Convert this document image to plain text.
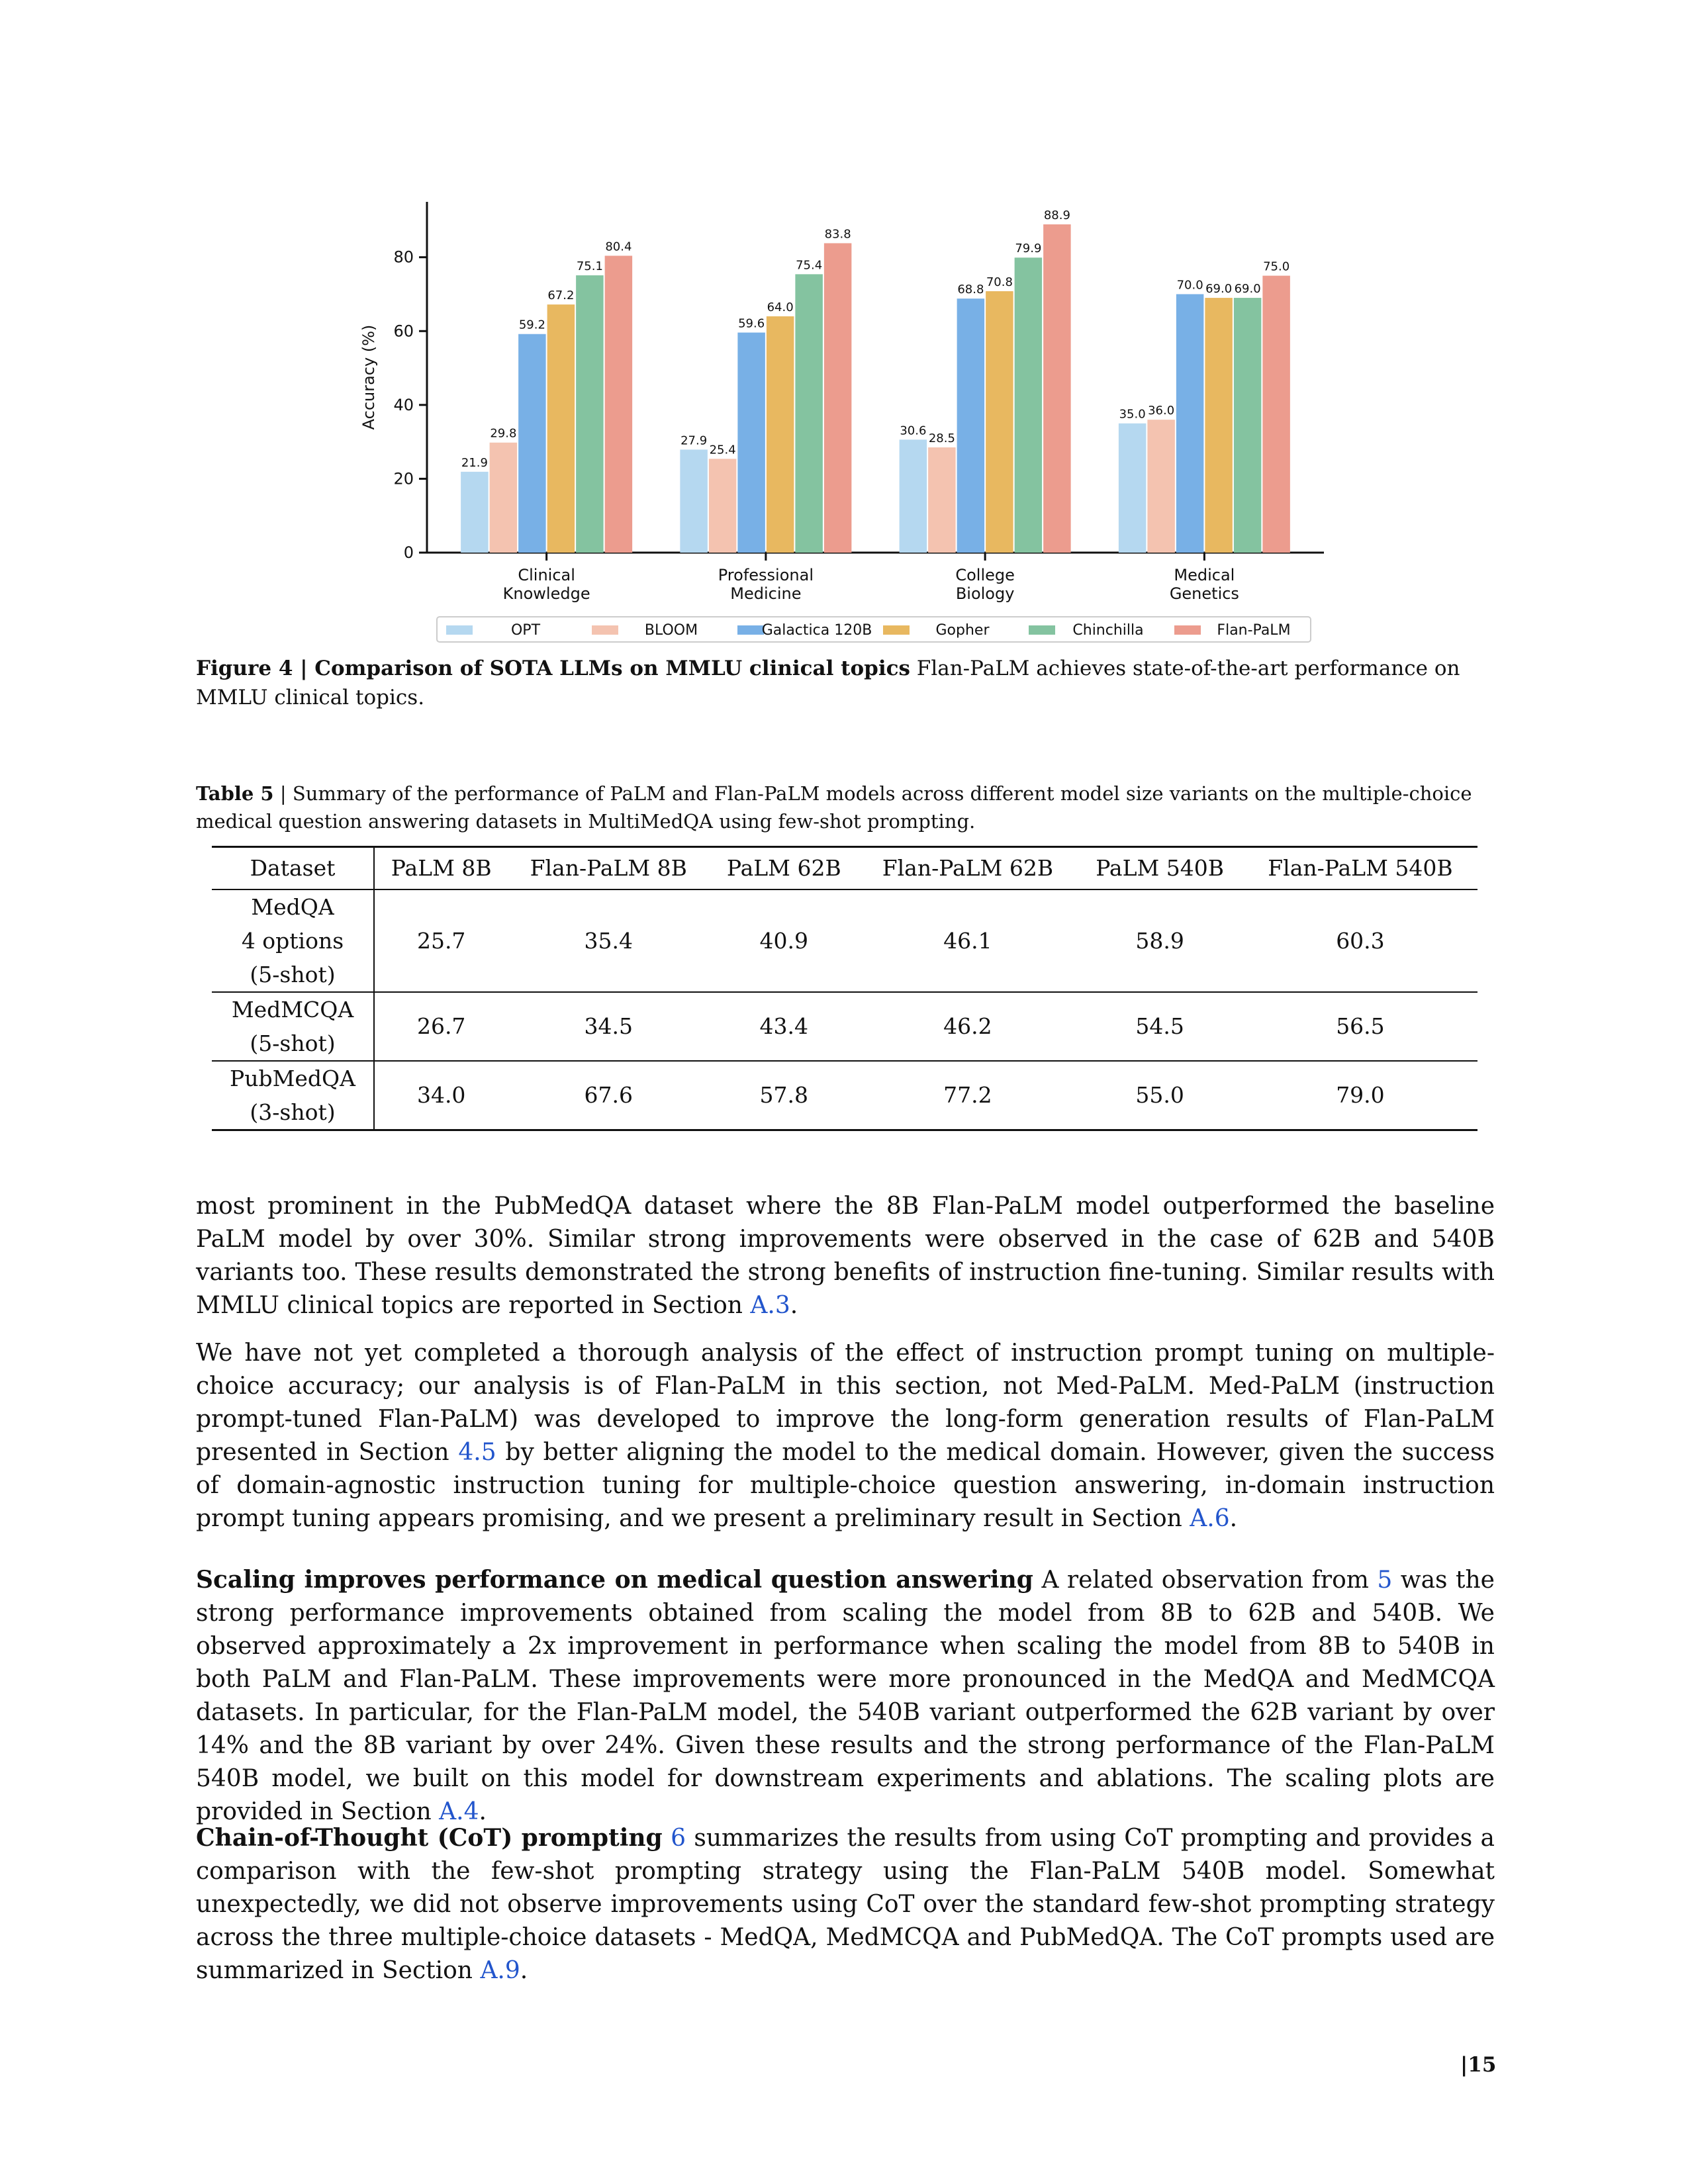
0
20
40
60
80
Accuracy (%)
21.9
29.8
59.2
67.2
75.1
80.4
Clinical
Knowledge
27.9
25.4
59.6
64.0
75.4
83.8
Professional
Medicine
30.6
28.5
68.8
70.8
79.9
88.9
College
Biology
35.0 36.0
70.0 69.0 69.0
75.0
Medical
Genetics
OPT	BLOOM	Galactica 120B	Gopher	Chinchilla	Flan-PaLM
Figure 4 | Comparison of SOTA LLMs on MMLU clinical topics Flan-PaLM achieves state-of-the-art performance on MMLU clinical topics.
Table 5 | Summary of the performance of PaLM and Flan-PaLM models across different model size variants on the multiple-choice medical question answering datasets in MultiMedQA using few-shot prompting.
Dataset	PaLM 8B	Flan-PaLM 8B	PaLM 62B	Flan-PaLM 62B	PaLM 540B	Flan-PaLM 540B
MedQA
4 options
(5-shot)	25.7	35.4	40.9	46.1	58.9	60.3
MedMCQA
(5-shot)	26.7	34.5	43.4	46.2	54.5	56.5
PubMedQA
(3-shot)	34.0	67.6	57.8	77.2	55.0	79.0

most prominent in the PubMedQA dataset where the 8B Flan-PaLM model outperformed the baseline PaLM model by over 30%. Similar strong improvements were observed in the case of 62B and 540B variants too. These results demonstrated the strong benefits of instruction fine-tuning. Similar results with MMLU clinical topics are reported in Section A.3.

We have not yet completed a thorough analysis of the effect of instruction prompt tuning on multiple-choice accuracy; our analysis is of Flan-PaLM in this section, not Med-PaLM. Med-PaLM (instruction prompt-tuned Flan-PaLM) was developed to improve the long-form generation results of Flan-PaLM presented in Section 4.5 by better aligning the model to the medical domain. However, given the success of domain-agnostic instruction tuning for multiple-choice question answering, in-domain instruction prompt tuning appears promising, and we present a preliminary result in Section A.6.

Scaling improves performance on medical question answering A related observation from 5 was the strong performance improvements obtained from scaling the model from 8B to 62B and 540B. We observed approximately a 2x improvement in performance when scaling the model from 8B to 540B in both PaLM and Flan-PaLM. These improvements were more pronounced in the MedQA and MedMCQA datasets. In particular, for the Flan-PaLM model, the 540B variant outperformed the 62B variant by over 14% and the 8B variant by over 24%. Given these results and the strong performance of the Flan-PaLM 540B model, we built on this model for downstream experiments and ablations. The scaling plots are provided in Section A.4.

Chain-of-Thought (CoT) prompting 6 summarizes the results from using CoT prompting and provides a comparison with the few-shot prompting strategy using the Flan-PaLM 540B model. Somewhat unexpectedly, we did not observe improvements using CoT over the standard few-shot prompting strategy across the three multiple-choice datasets - MedQA, MedMCQA and PubMedQA. The CoT prompts used are summarized in Section A.9.

|15
